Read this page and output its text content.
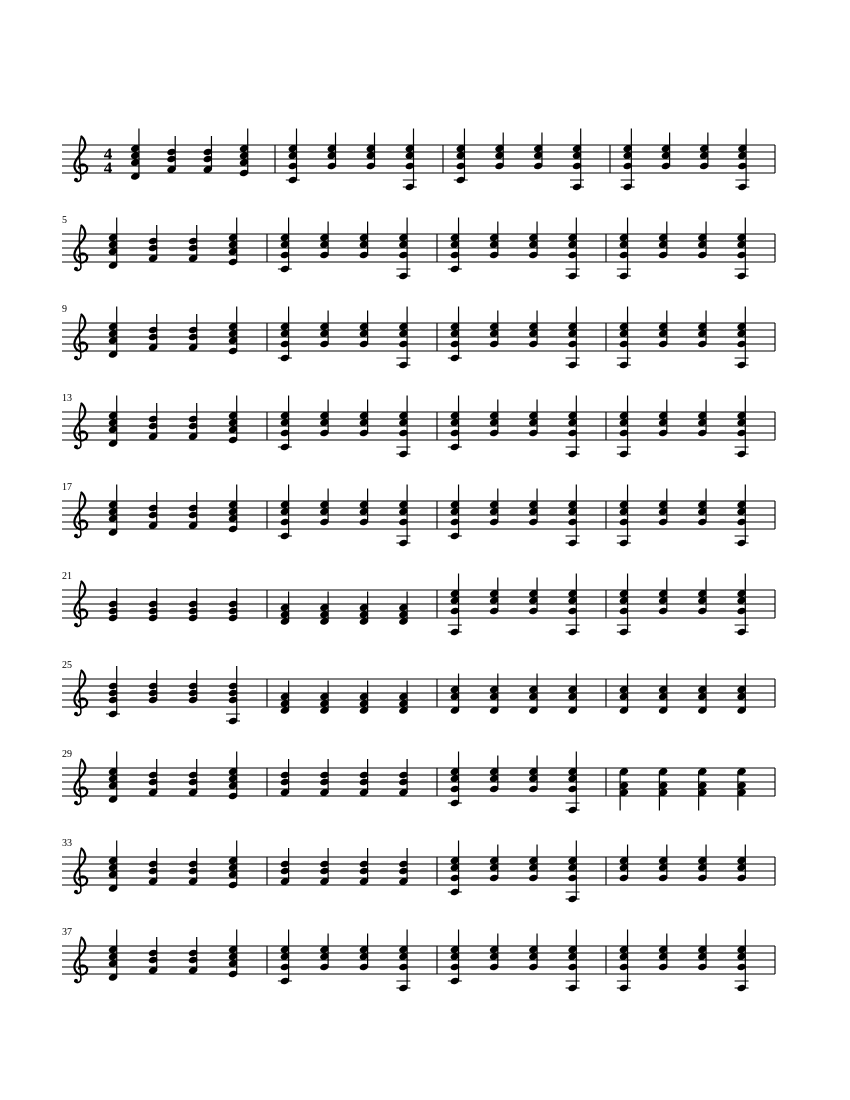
4
4
5
9
13
17
21
25
29
33
37
